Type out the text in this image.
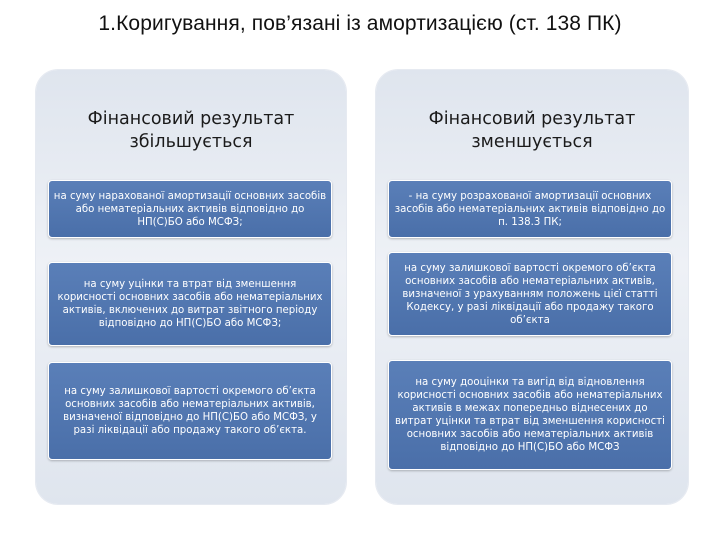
1.Коригування, пов’язані із амортизацією (ст. 138 ПК)
Фінансовий результат
збільшується
Фінансовий результат
зменшується
на суму нарахованої амортизації основних засобів або нематеріальних активів відповідно до НП(С)БО або МСФЗ;
на суму уцінки та втрат від зменшення корисності основних засобів або нематеріальних активів, включених до витрат звітного періоду відповідно до НП(С)БО або МСФЗ;
на суму залишкової вартості окремого об’єкта основних засобів або нематеріальних активів, визначеної відповідно до НП(С)БО або МСФЗ, у разі ліквідації або продажу такого об’єкта.
- на суму розрахованої амортизації основних засобів або нематеріальних активів відповідно до п. 138.3 ПК;
на суму залишкової вартості окремого об’єкта основних засобів або нематеріальних активів, визначеної з урахуванням положень цієї статті Кодексу, у разі ліквідації або продажу такого об’єкта
на суму дооцінки та вигід від відновлення корисності основних засобів або нематеріальних активів в межах попередньо віднесених до витрат уцінки та втрат від зменшення корисності основних засобів або нематеріальних активів відповідно до НП(С)БО або МСФЗ
